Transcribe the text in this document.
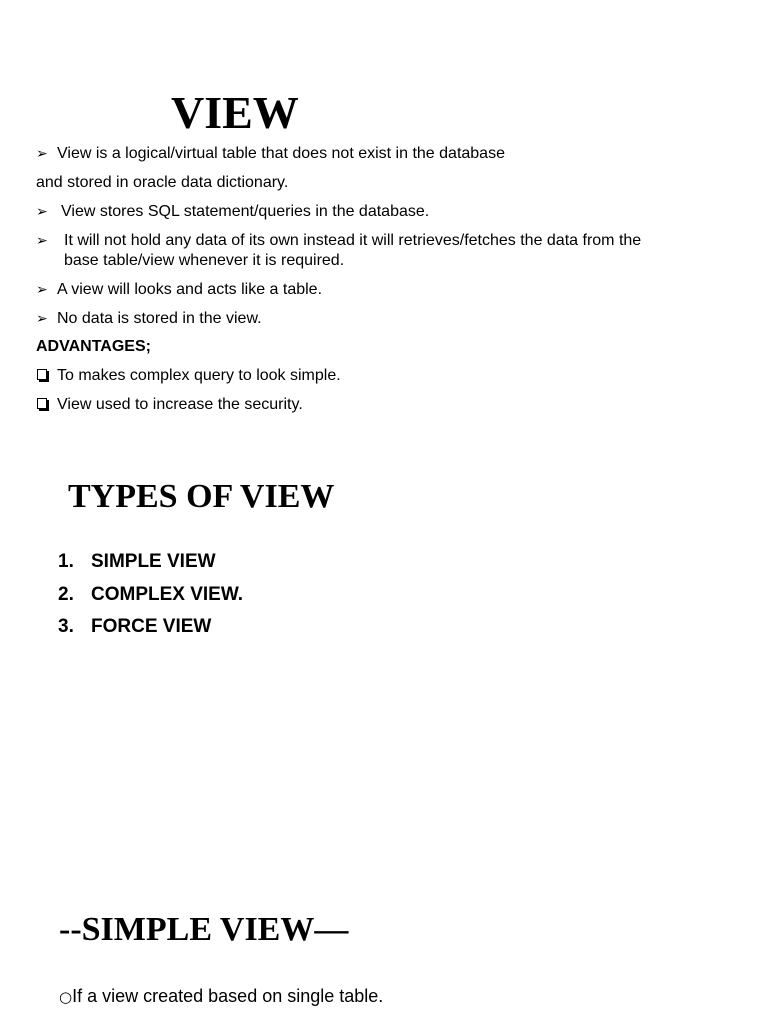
VIEW
➢ View is a logical/virtual table that does not exist in the database
and stored in oracle data dictionary.
➢ View stores SQL statement/queries in the database.
➢ It will not hold any data of its own instead it will retrieves/fetches the data from the
base table/view whenever it is required.
➢ A view will looks and acts like a table.
➢ No data is stored in the view.
ADVANTAGES;
To makes complex query to look simple.
View used to increase the security.
TYPES OF VIEW
1. SIMPLE VIEW
2. COMPLEX VIEW.
3. FORCE VIEW
--SIMPLE VIEW—
○If a view created based on single table.
